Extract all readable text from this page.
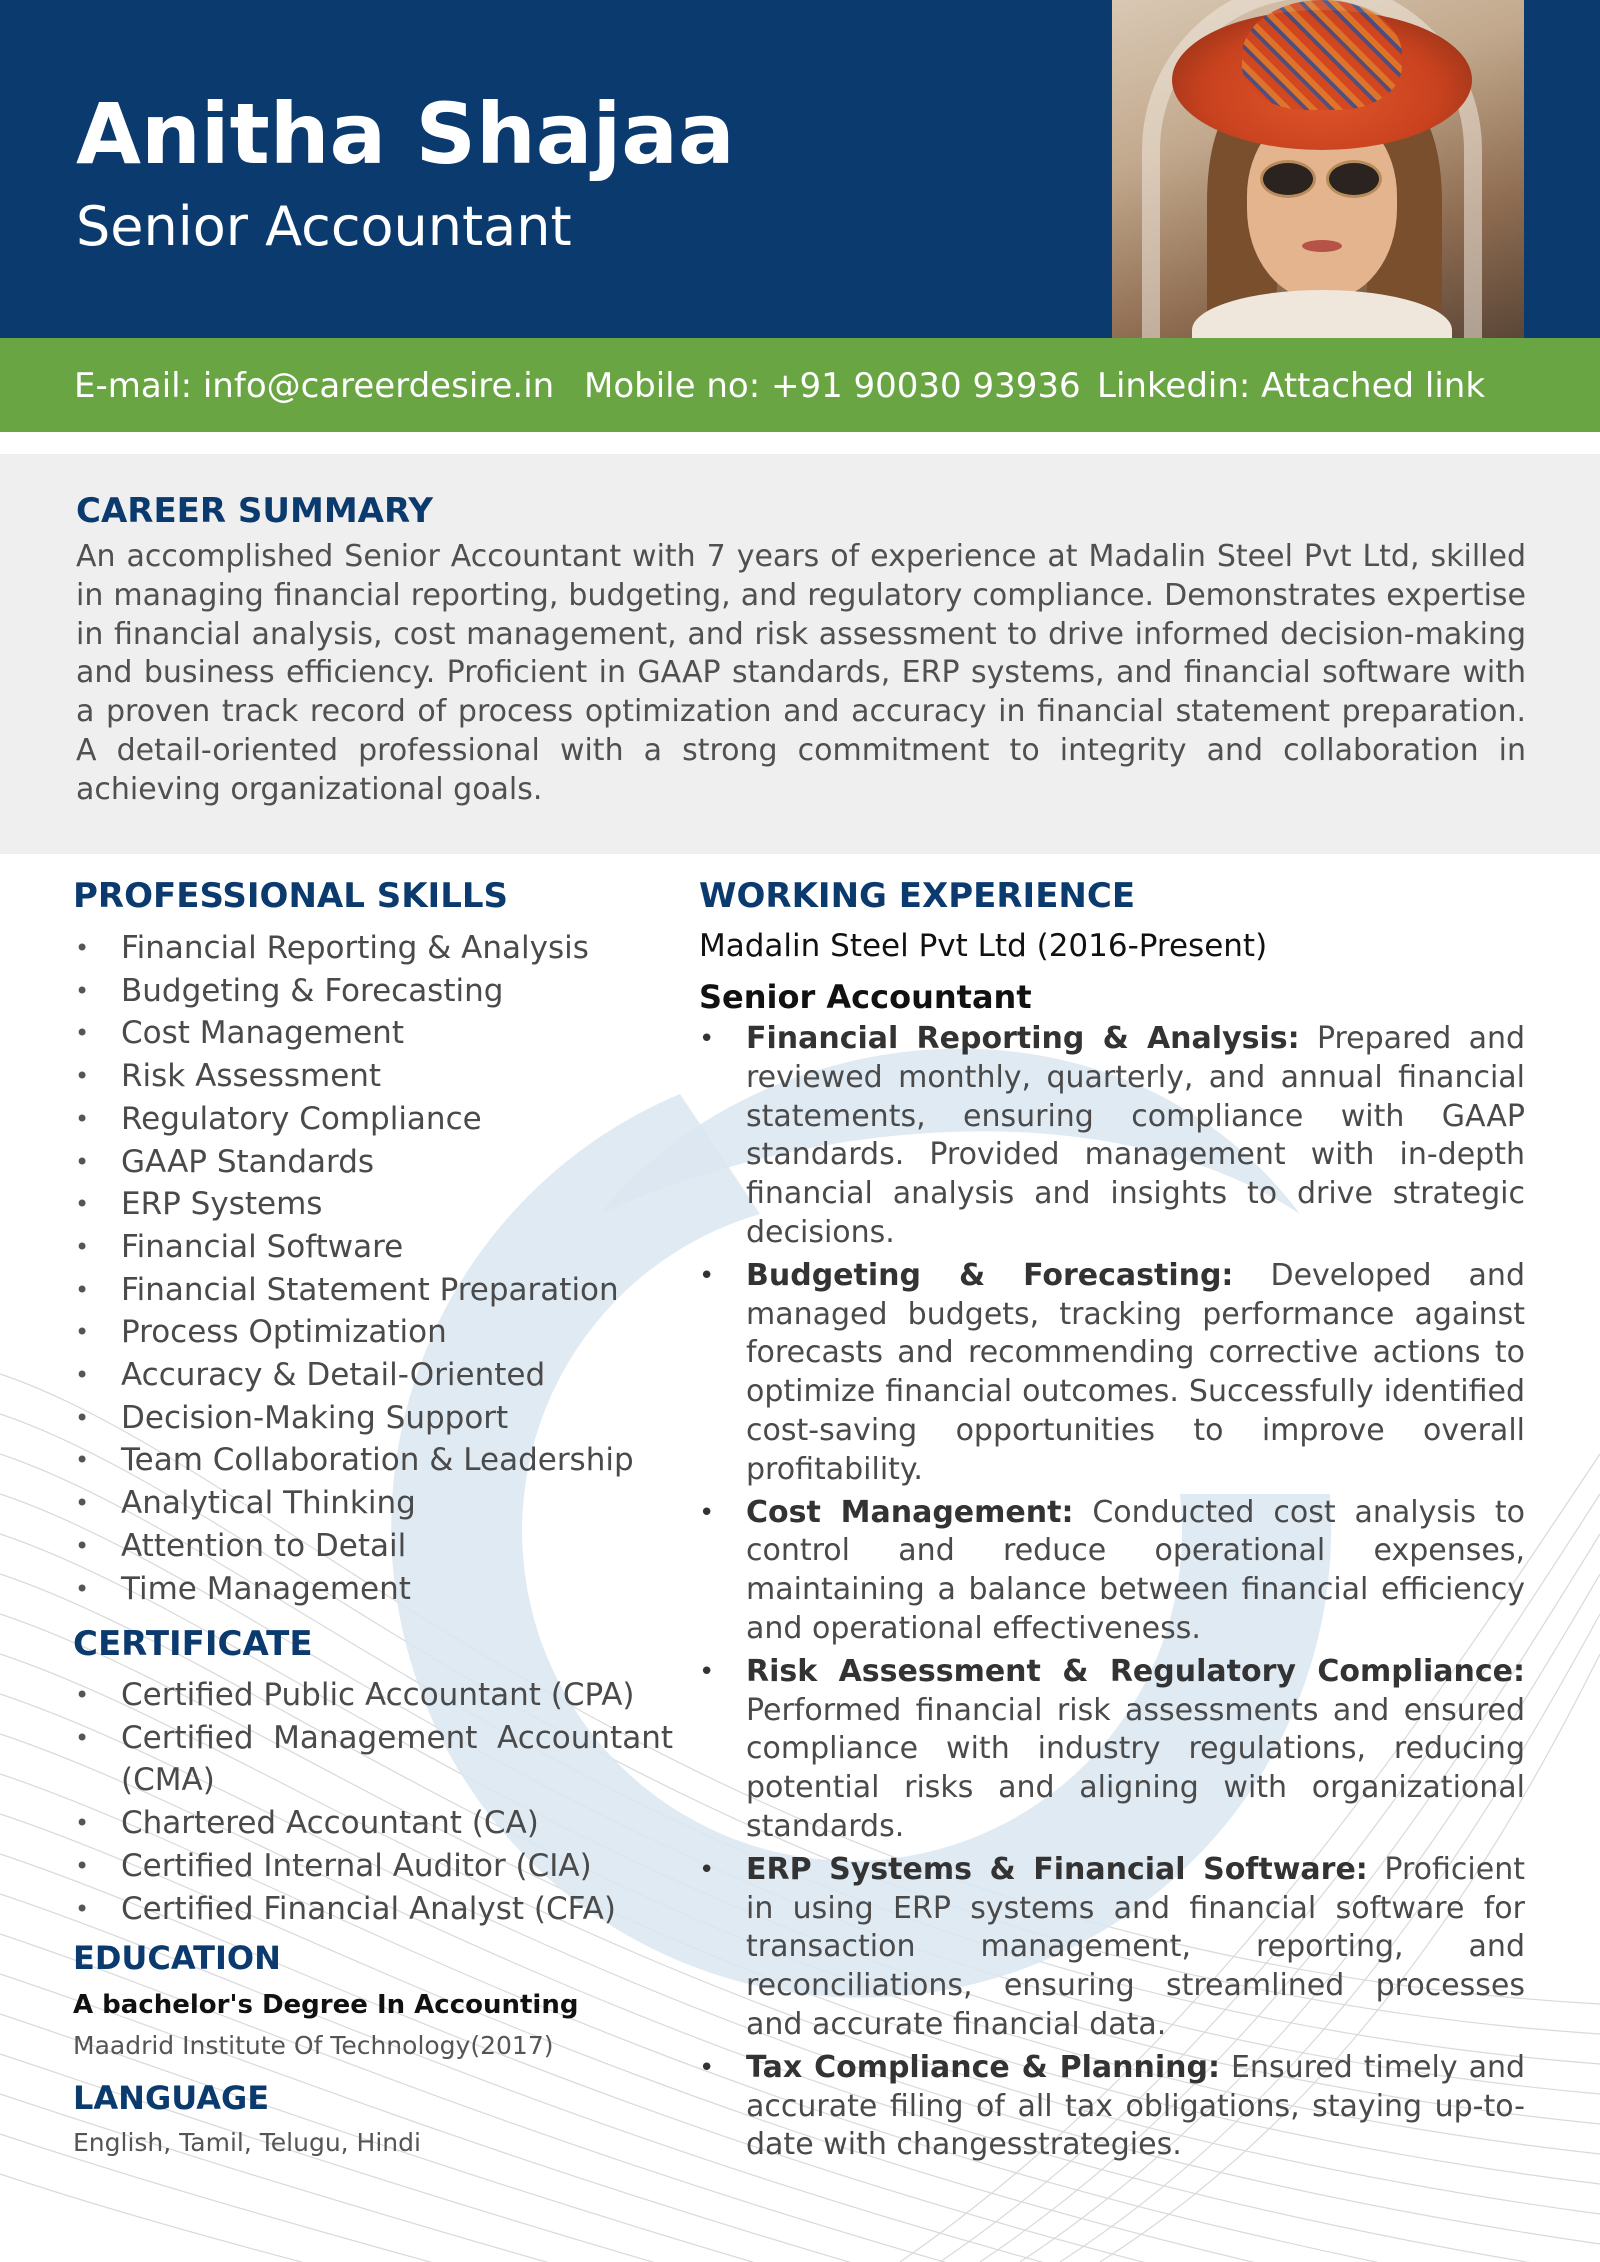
Anitha Shajaa
Senior Accountant
E-mail: info@careerdesire.in Mobile no: +91 90030 93936 Linkedin: Attached link
CAREER SUMMARY
An accomplished Senior Accountant with 7 years of experience at Madalin Steel Pvt Ltd, skilled in managing financial reporting, budgeting, and regulatory compliance. Demonstrates expertise in financial analysis, cost management, and risk assessment to drive informed decision-making and business efficiency. Proficient in GAAP standards, ERP systems, and financial software with a proven track record of process optimization and accuracy in financial statement preparation. A detail-oriented professional with a strong commitment to integrity and collaboration in achieving organizational goals.
PROFESSIONAL SKILLS
• Financial Reporting & Analysis
• Budgeting & Forecasting
• Cost Management
• Risk Assessment
• Regulatory Compliance
• GAAP Standards
• ERP Systems
• Financial Software
• Financial Statement Preparation
• Process Optimization
• Accuracy & Detail-Oriented
• Decision-Making Support
• Team Collaboration & Leadership
• Analytical Thinking
• Attention to Detail
• Time Management
CERTIFICATE
• Certified Public Accountant (CPA)
• Certified Management Accountant (CMA)
• Chartered Accountant (CA)
• Certified Internal Auditor (CIA)
• Certified Financial Analyst (CFA)
EDUCATION
A bachelor's Degree In Accounting
Maadrid Institute Of Technology(2017)
LANGUAGE
English, Tamil, Telugu, Hindi
WORKING EXPERIENCE
Madalin Steel Pvt Ltd (2016-Present)
Senior Accountant
• Financial Reporting & Analysis: Prepared and reviewed monthly, quarterly, and annual financial statements, ensuring compliance with GAAP standards. Provided management with in-depth financial analysis and insights to drive strategic decisions.
• Budgeting & Forecasting: Developed and managed budgets, tracking performance against forecasts and recommending corrective actions to optimize financial outcomes. Successfully identified cost-saving opportunities to improve overall profitability.
• Cost Management: Conducted cost analysis to control and reduce operational expenses, maintaining a balance between financial efficiency and operational effectiveness.
• Risk Assessment & Regulatory Compliance: Performed financial risk assessments and ensured compliance with industry regulations, reducing potential risks and aligning with organizational standards.
• ERP Systems & Financial Software: Proficient in using ERP systems and financial software for transaction management, reporting, and reconciliations, ensuring streamlined processes and accurate financial data.
• Tax Compliance & Planning: Ensured timely and accurate filing of all tax obligations, staying up-to-date with changesstrategies.
